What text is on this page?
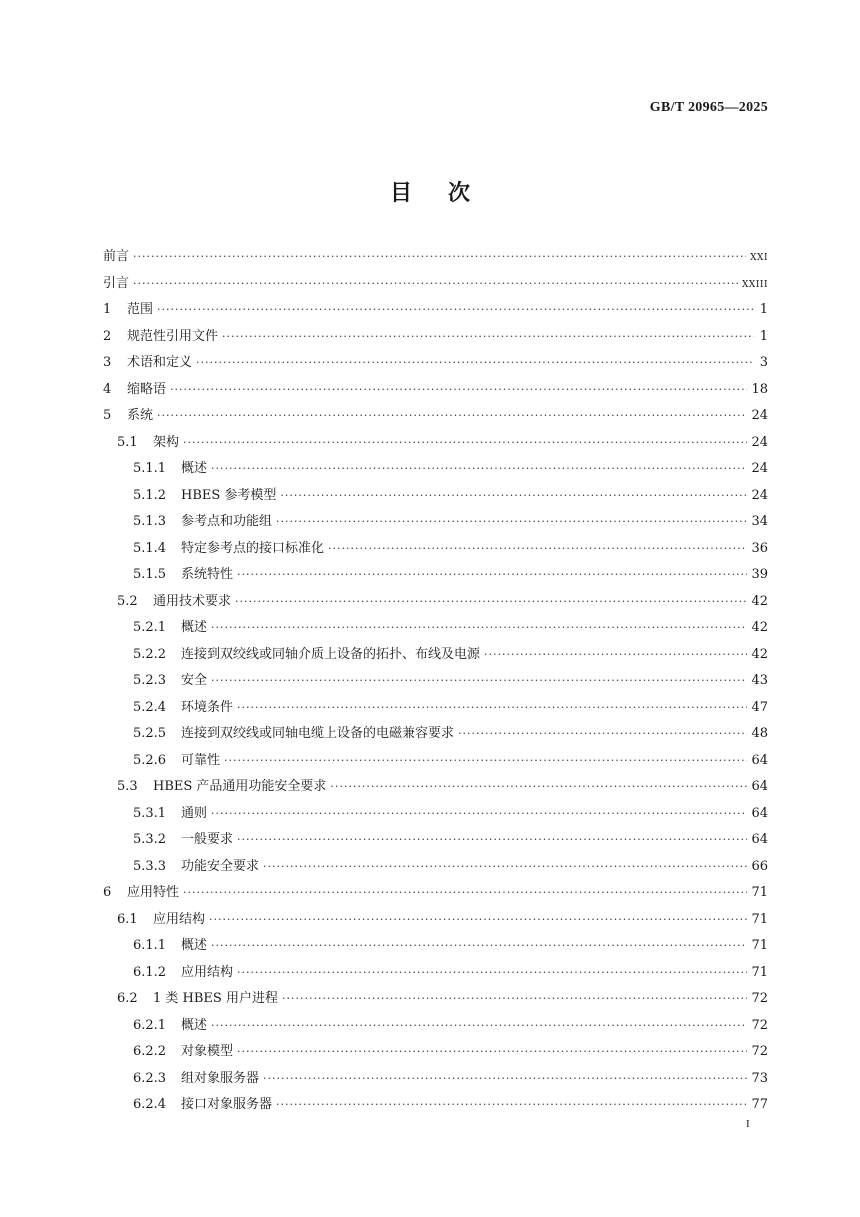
GB/T 20965—2025
目 次
前言 ·····	XXI
引言 ·····	XXIII
1	范围 ·····	1
2	规范性引用文件 ·····	1
3	术语和定义 ·····	3
4	缩略语 ·····	18
5	系统 ·····	24
5.1	架构 ·····	24
5.1.1	概述 ·····	24
5.1.2	HBES 参考模型 ·····	24
5.1.3	参考点和功能组 ·····	34
5.1.4	特定参考点的接口标准化 ·····	36
5.1.5	系统特性 ·····	39
5.2	通用技术要求 ·····	42
5.2.1	概述 ·····	42
5.2.2	连接到双绞线或同轴介质上设备的拓扑、布线及电源 ·····	42
5.2.3	安全 ·····	43
5.2.4	环境条件 ·····	47
5.2.5	连接到双绞线或同轴电缆上设备的电磁兼容要求 ·····	48
5.2.6	可靠性 ·····	64
5.3	HBES 产品通用功能安全要求 ·····	64
5.3.1	通则 ·····	64
5.3.2	一般要求 ·····	64
5.3.3	功能安全要求 ·····	66
6	应用特性 ·····	71
6.1	应用结构 ·····	71
6.1.1	概述 ·····	71
6.1.2	应用结构 ·····	71
6.2	1 类 HBES 用户进程 ·····	72
6.2.1	概述 ·····	72
6.2.2	对象模型 ·····	72
6.2.3	组对象服务器 ·····	73
6.2.4	接口对象服务器 ·····	77
I
